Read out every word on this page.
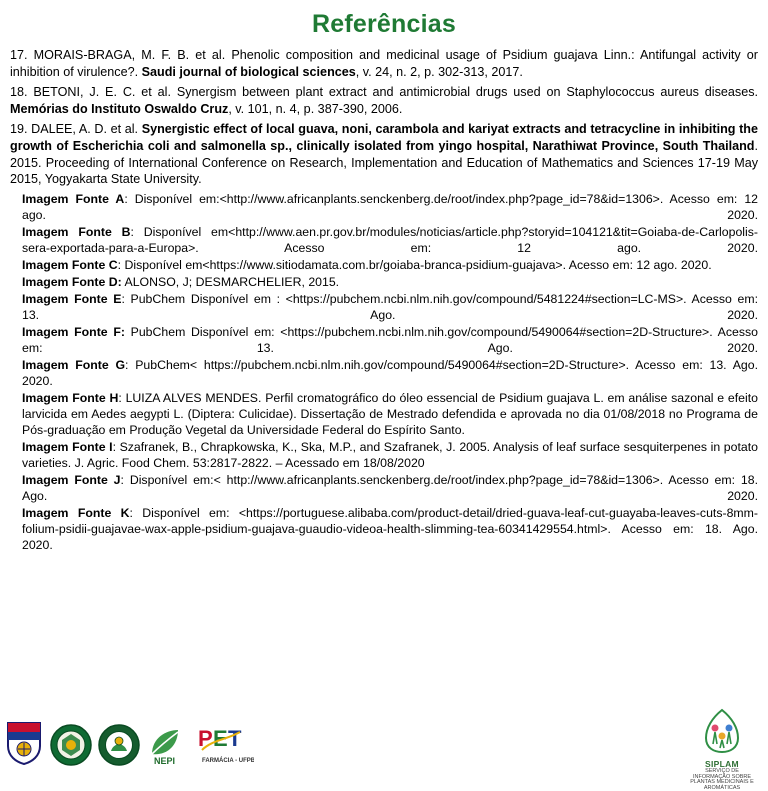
Referências
17. MORAIS-BRAGA, M. F. B. et al. Phenolic composition and medicinal usage of Psidium guajava Linn.: Antifungal activity or inhibition of virulence?. Saudi journal of biological sciences, v. 24, n. 2, p. 302-313, 2017.
18. BETONI, J. E. C. et al. Synergism between plant extract and antimicrobial drugs used on Staphylococcus aureus diseases. Memórias do Instituto Oswaldo Cruz, v. 101, n. 4, p. 387-390, 2006.
19. DALEE, A. D. et al. Synergistic effect of local guava, noni, carambola and kariyat extracts and tetracycline in inhibiting the growth of Escherichia coli and salmonella sp., clinically isolated from yingo hospital, Narathiwat Province, South Thailand. 2015. Proceeding of International Conference on Research, Implementation and Education of Mathematics and Sciences 17-19 May 2015, Yogyakarta State University.
Imagem Fonte A: Disponível em:<http://www.africanplants.senckenberg.de/root/index.php?page_id=78&id=1306>. Acesso em: 12 ago. 2020.
Imagem Fonte B: Disponível em<http://www.aen.pr.gov.br/modules/noticias/article.php?storyid=104121&tit=Goiaba-de-Carlopolis-sera-exportada-para-a-Europa>. Acesso em: 12 ago. 2020.
Imagem Fonte C: Disponível em<https://www.sitiodamata.com.br/goiaba-branca-psidium-guajava>. Acesso em: 12 ago. 2020.
Imagem Fonte D: ALONSO, J; DESMARCHELIER, 2015.
Imagem Fonte E: PubChem Disponível em : <https://pubchem.ncbi.nlm.nih.gov/compound/5481224#section=LC-MS>. Acesso em: 13. Ago. 2020.
Imagem Fonte F: PubChem Disponível em: <https://pubchem.ncbi.nlm.nih.gov/compound/5490064#section=2D-Structure>. Acesso em: 13. Ago. 2020.
Imagem Fonte G: PubChem< https://pubchem.ncbi.nlm.nih.gov/compound/5490064#section=2D-Structure>. Acesso em: 13. Ago. 2020.
Imagem Fonte H: LUIZA ALVES MENDES. Perfil cromatográfico do óleo essencial de Psidium guajava L. em análise sazonal e efeito larvicida em Aedes aegypti L. (Diptera: Culicidae). Dissertação de Mestrado defendida e aprovada no dia 01/08/2018 no Programa de Pós-graduação em Produção Vegetal da Universidade Federal do Espírito Santo.
Imagem Fonte I: Szafranek, B., Chrapkowska, K., Ska, M.P., and Szafranek, J. 2005. Analysis of leaf surface sesquiterpenes in potato varieties. J. Agric. Food Chem. 53:2817-2822. – Acessado em 18/08/2020
Imagem Fonte J: Disponível em:< http://www.africanplants.senckenberg.de/root/index.php?page_id=78&id=1306>. Acesso em: 18. Ago. 2020.
Imagem Fonte K: Disponível em: <https://portuguese.alibaba.com/product-detail/dried-guava-leaf-cut-guayaba-leaves-cuts-8mm-folium-psidii-guajavae-wax-apple-psidium-guajava-guaudio-videoa-health-slimming-tea-60341429554.html>. Acesso em: 18. Ago. 2020.
NEPI
P E T
FARMÁCIA - UFPB	SIPLAM
SERVIÇO DE INFORMAÇÃO SOBRE PLANTAS MEDICINAIS E AROMÁTICAS
